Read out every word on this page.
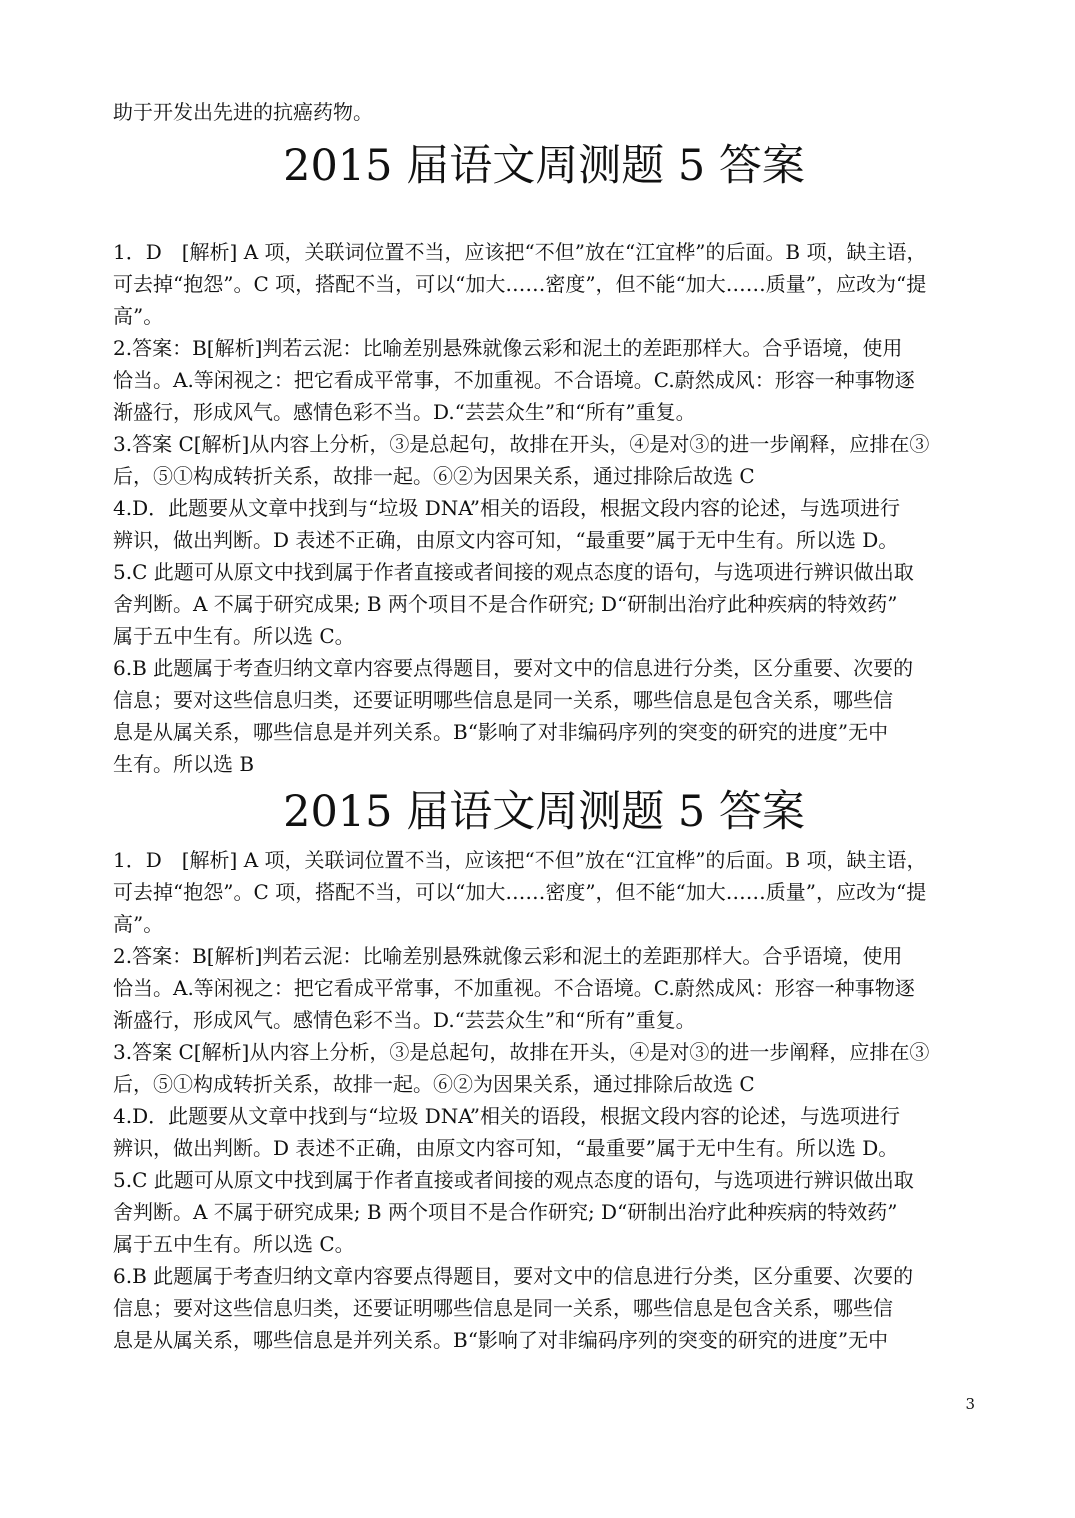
助于开发出先进的抗癌药物。
2015 届语文周测题 5 答案
1．D　[解析] A 项，关联词位置不当，应该把“不但”放在“江宜桦”的后面。B 项，缺主语，
可去掉“抱怨”。C 项，搭配不当，可以“加大……密度”，但不能“加大……质量”，应改为“提
高”。
2.答案：B[解析]判若云泥：比喻差别悬殊就像云彩和泥土的差距那样大。合乎语境，使用
恰当。A.等闲视之：把它看成平常事，不加重视。不合语境。C.蔚然成风：形容一种事物逐
渐盛行，形成风气。感情色彩不当。D.“芸芸众生”和“所有”重复。
3.答案 C[解析]从内容上分析，③是总起句，故排在开头，④是对③的进一步阐释，应排在③
后，⑤①构成转折关系，故排一起。⑥②为因果关系，通过排除后故选 C
4.D．此题要从文章中找到与“垃圾 DNA”相关的语段，根据文段内容的论述，与选项进行
辨识，做出判断。D 表述不正确，由原文内容可知，“最重要”属于无中生有。所以选 D。
5.C 此题可从原文中找到属于作者直接或者间接的观点态度的语句，与选项进行辨识做出取
舍判断。A 不属于研究成果; B 两个项目不是合作研究; D“研制出治疗此种疾病的特效药”
属于五中生有。所以选 C。
6.B 此题属于考查归纳文章内容要点得题目，要对文中的信息进行分类，区分重要、次要的
信息；要对这些信息归类，还要证明哪些信息是同一关系，哪些信息是包含关系，哪些信
息是从属关系，哪些信息是并列关系。B“影响了对非编码序列的突变的研究的进度”无中
生有。所以选 B
2015 届语文周测题 5 答案
1．D　[解析] A 项，关联词位置不当，应该把“不但”放在“江宜桦”的后面。B 项，缺主语，
可去掉“抱怨”。C 项，搭配不当，可以“加大……密度”，但不能“加大……质量”，应改为“提
高”。
2.答案：B[解析]判若云泥：比喻差别悬殊就像云彩和泥土的差距那样大。合乎语境，使用
恰当。A.等闲视之：把它看成平常事，不加重视。不合语境。C.蔚然成风：形容一种事物逐
渐盛行，形成风气。感情色彩不当。D.“芸芸众生”和“所有”重复。
3.答案 C[解析]从内容上分析，③是总起句，故排在开头，④是对③的进一步阐释，应排在③
后，⑤①构成转折关系，故排一起。⑥②为因果关系，通过排除后故选 C
4.D．此题要从文章中找到与“垃圾 DNA”相关的语段，根据文段内容的论述，与选项进行
辨识，做出判断。D 表述不正确，由原文内容可知，“最重要”属于无中生有。所以选 D。
5.C 此题可从原文中找到属于作者直接或者间接的观点态度的语句，与选项进行辨识做出取
舍判断。A 不属于研究成果; B 两个项目不是合作研究; D“研制出治疗此种疾病的特效药”
属于五中生有。所以选 C。
6.B 此题属于考查归纳文章内容要点得题目，要对文中的信息进行分类，区分重要、次要的
信息；要对这些信息归类，还要证明哪些信息是同一关系，哪些信息是包含关系，哪些信
息是从属关系，哪些信息是并列关系。B“影响了对非编码序列的突变的研究的进度”无中
3
